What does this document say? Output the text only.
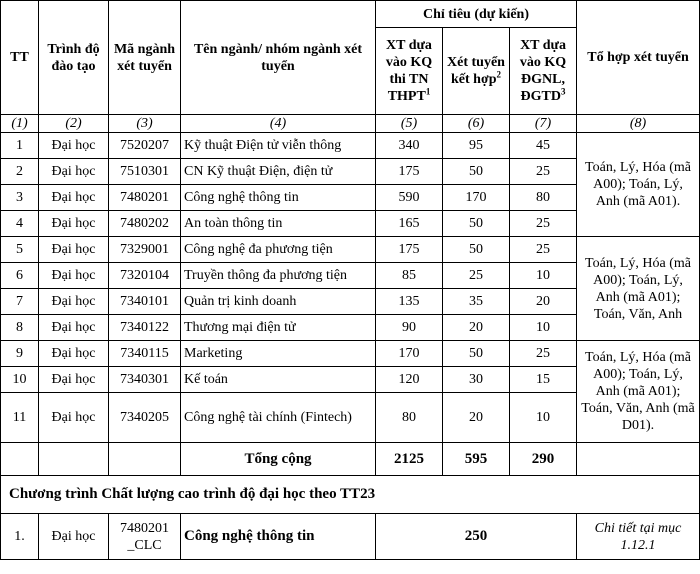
TT	Trình độ đào tạo	Mã ngành xét tuyển	Tên ngành/ nhóm ngành xét tuyển	Chỉ tiêu (dự kiến)			Tổ hợp xét tuyển
				XT dựa vào KQ thi TN THPT$^1$	Xét tuyển kết hợp$^2$	XT dựa vào KQ ĐGNL, ĐGTD$^3$
(1)	(2)	(3)	(4)	(5)	(6)	(7)	(8)
1	Đại học	7520207	Kỹ thuật Điện tử viễn thông	340	95	45	Toán, Lý, Hóa (mã A00); Toán, Lý, Anh (mã A01).
2	Đại học	7510301	CN Kỹ thuật Điện, điện tử	175	50	25	
3	Đại học	7480201	Công nghệ thông tin	590	170	80	
4	Đại học	7480202	An toàn thông tin	165	50	25	
5	Đại học	7329001	Công nghệ đa phương tiện	175	50	25	Toán, Lý, Hóa (mã A00); Toán, Lý, Anh (mã A01); Toán, Văn, Anh
6	Đại học	7320104	Truyền thông đa phương tiện	85	25	10	
7	Đại học	7340101	Quản trị kinh doanh	135	35	20	
8	Đại học	7340122	Thương mại điện tử	90	20	10	
9	Đại học	7340115	Marketing	170	50	25	Toán, Lý, Hóa (mã A00); Toán, Lý, Anh (mã A01); Toán, Văn, Anh (mã D01).
10	Đại học	7340301	Kế toán	120	30	15	
11	Đại học	7340205	Công nghệ tài chính (Fintech)	80	20	10	
			Tổng cộng	2125	595	290	
Chương trình Chất lượng cao trình độ đại học theo TT23							
1.	Đại học	7480201 _CLC	Công nghệ thông tin	250			Chi tiết tại mục 1.12.1
